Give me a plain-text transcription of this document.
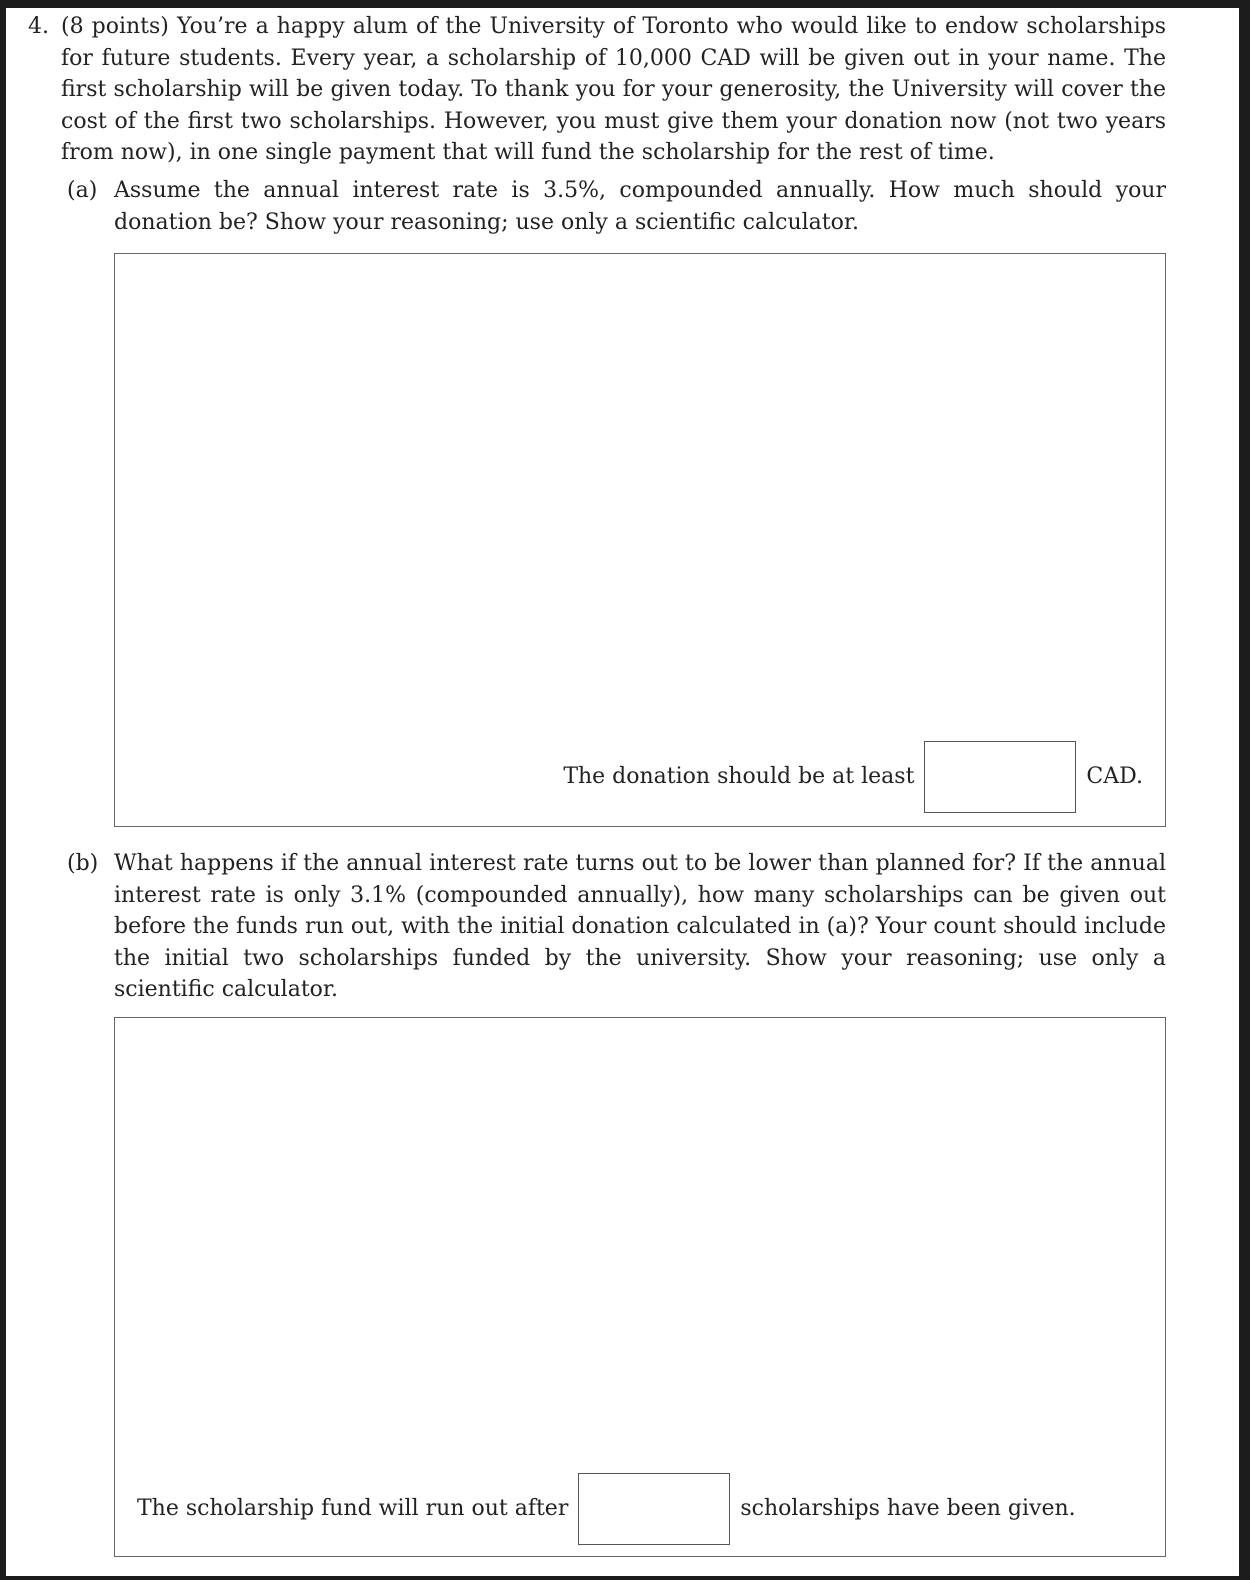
4. (8 points) You’re a happy alum of the University of Toronto who would like to endow scholarships for future students. Every year, a scholarship of 10,000 CAD will be given out in your name. The first scholarship will be given today. To thank you for your generosity, the University will cover the cost of the first two scholarships. However, you must give them your donation now (not two years from now), in one single payment that will fund the scholarship for the rest of time.
(a) Assume the annual interest rate is 3.5%, compounded annually. How much should your donation be? Show your reasoning; use only a scientific calculator.
The donation should be at least	CAD.
(b) What happens if the annual interest rate turns out to be lower than planned for? If the annual interest rate is only 3.1% (compounded annually), how many scholarships can be given out before the funds run out, with the initial donation calculated in (a)? Your count should include the initial two scholarships funded by the university. Show your reasoning; use only a scientific calculator.
The scholarship fund will run out after	scholarships have been given.
